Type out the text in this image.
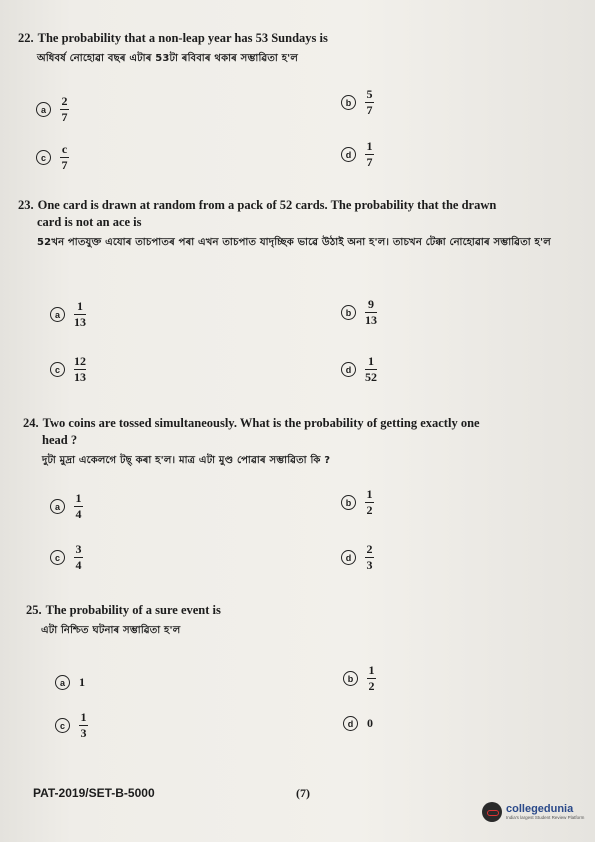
22. The probability that a non-leap year has 53 Sundays is
অধিবৰ্ষ নোহোৱা বছৰ এটাৰ 53টা ৰবিবাৰ থকাৰ সম্ভাৱিতা হ'ল
a	$\frac{2}{7}$	b	$\frac{5}{7}$
c	$\frac{c}{7}$	d	$\frac{1}{7}$
23. One card is drawn at random from a pack of 52 cards. The probability that the drawn
card is not an ace is
52খন পাতযুক্ত এযোৰ তাচপাতৰ পৰা এখন তাচপাত যাদৃচ্ছিক ভাৱে উঠাই অনা হ'ল। তাচখন টেক্কা নোহোৱাৰ সম্ভাৱিতা হ'ল
a	$\frac{1}{13}$	b	$\frac{9}{13}$
c	$\frac{12}{13}$	d	$\frac{1}{52}$
24. Two coins are tossed simultaneously. What is the probability of getting exactly one
head ?
দুটা মুদ্ৰা একেলগে টছ্ কৰা হ'ল। মাত্ৰ এটা মুণ্ড পোৱাৰ সম্ভাৱিতা কি ?
a	$\frac{1}{4}$	b	$\frac{1}{2}$
c	$\frac{3}{4}$	d	$\frac{2}{3}$
25. The probability of a sure event is
এটা নিশ্চিত ঘটনাৰ সম্ভাৱিতা হ'ল
a	1	b	$\frac{1}{2}$
c	$\frac{1}{3}$	d	0
PAT-2019/SET-B-5000	(7)
collegedunia
India's largest Student Review Platform
